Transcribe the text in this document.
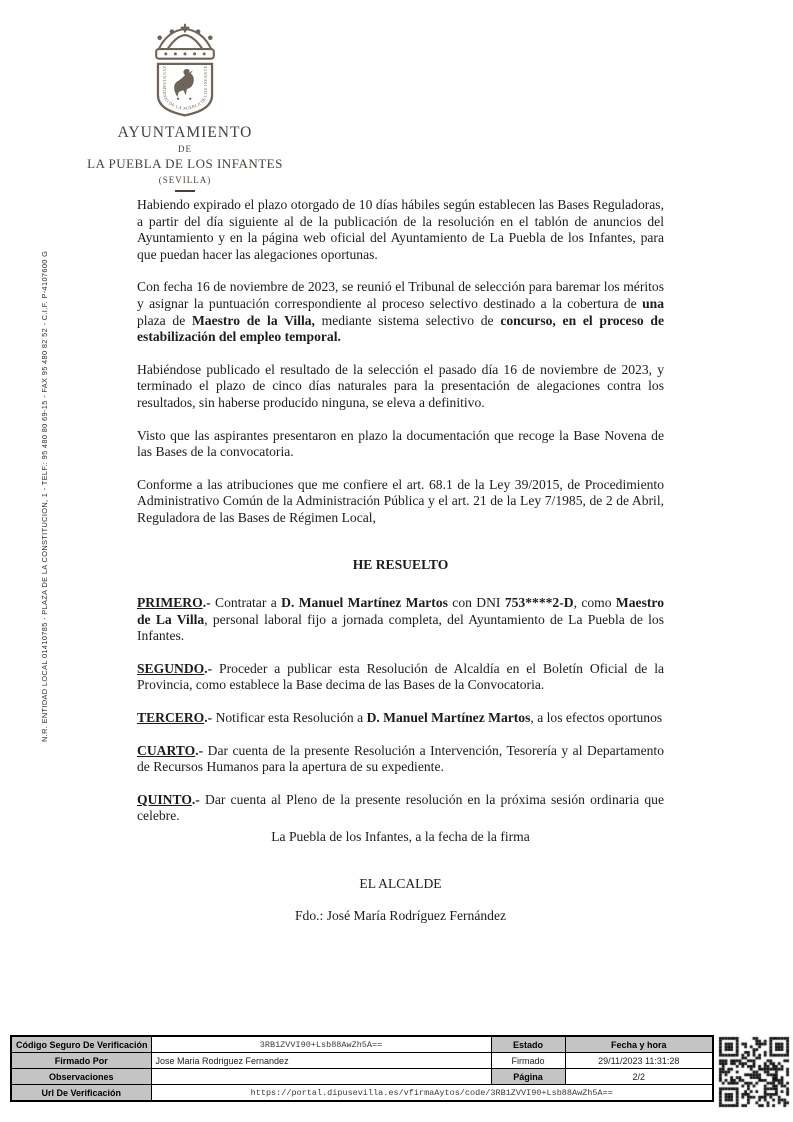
N.R. ENTIDAD LOCAL 01410785 - PLAZA DE LA CONSTITUCION, 1 - TELF.: 95 480 80 69-15 - FAX 95 480 82 52 - C.I.F. P-4107600 G
AYUNTAMIENTO DE LA PUEBLA DE LOS INFANTE
AYUNTAMIENTO
DE
LA PUEBLA DE LOS INFANTES
(SEVILLA)

Habiendo expirado el plazo otorgado de 10 días hábiles según establecen las Bases Reguladoras, a partir del día siguiente al de la publicación de la resolución en el tablón de anuncios del Ayuntamiento y en la página web oficial del Ayuntamiento de La Puebla de los Infantes, para que puedan hacer las alegaciones oportunas.

Con fecha 16 de noviembre de 2023, se reunió el Tribunal de selección para baremar los méritos y asignar la puntuación correspondiente al proceso selectivo destinado a la cobertura de una plaza de Maestro de la Villa, mediante sistema selectivo de concurso, en el proceso de estabilización del empleo temporal.

Habiéndose publicado el resultado de la selección el pasado día 16 de noviembre de 2023, y terminado el plazo de cinco días naturales para la presentación de alegaciones contra los resultados, sin haberse producido ninguna, se eleva a definitivo.

Visto que las aspirantes presentaron en plazo la documentación que recoge la Base Novena de las Bases de la convocatoria.

Conforme a las atribuciones que me confiere el art. 68.1 de la Ley 39/2015, de Procedimiento Administrativo Común de la Administración Pública y el art. 21 de la Ley 7/1985, de 2 de Abril, Reguladora de las Bases de Régimen Local,

HE RESUELTO

PRIMERO.- Contratar a D. Manuel Martínez Martos con DNI 753****2-D, como Maestro de La Villa, personal laboral fijo a jornada completa, del Ayuntamiento de La Puebla de los Infantes.

SEGUNDO.- Proceder a publicar esta Resolución de Alcaldía en el Boletín Oficial de la Provincia, como establece la Base decima de las Bases de la Convocatoria.

TERCERO.- Notificar esta Resolución a D. Manuel Martínez Martos, a los efectos oportunos

CUARTO.- Dar cuenta de la presente Resolución a Intervención, Tesorería y al Departamento de Recursos Humanos para la apertura de su expediente.

QUINTO.- Dar cuenta al Pleno de la presente resolución en la próxima sesión ordinaria que celebre.

La Puebla de los Infantes, a la fecha de la firma
EL ALCALDE
Fdo.: José María Rodríguez Fernández
Código Seguro De Verificación	3RB1ZVVI90+Lsb88AwZh5A==	Estado	Fecha y hora
Firmado Por	Jose Maria Rodriguez Fernandez	Firmado	29/11/2023 11:31:28
Observaciones		Página	2/2
Url De Verificación	https://portal.dipusevilla.es/vfirmaAytos/code/3RB1ZVVI90+Lsb88AwZh5A==		
